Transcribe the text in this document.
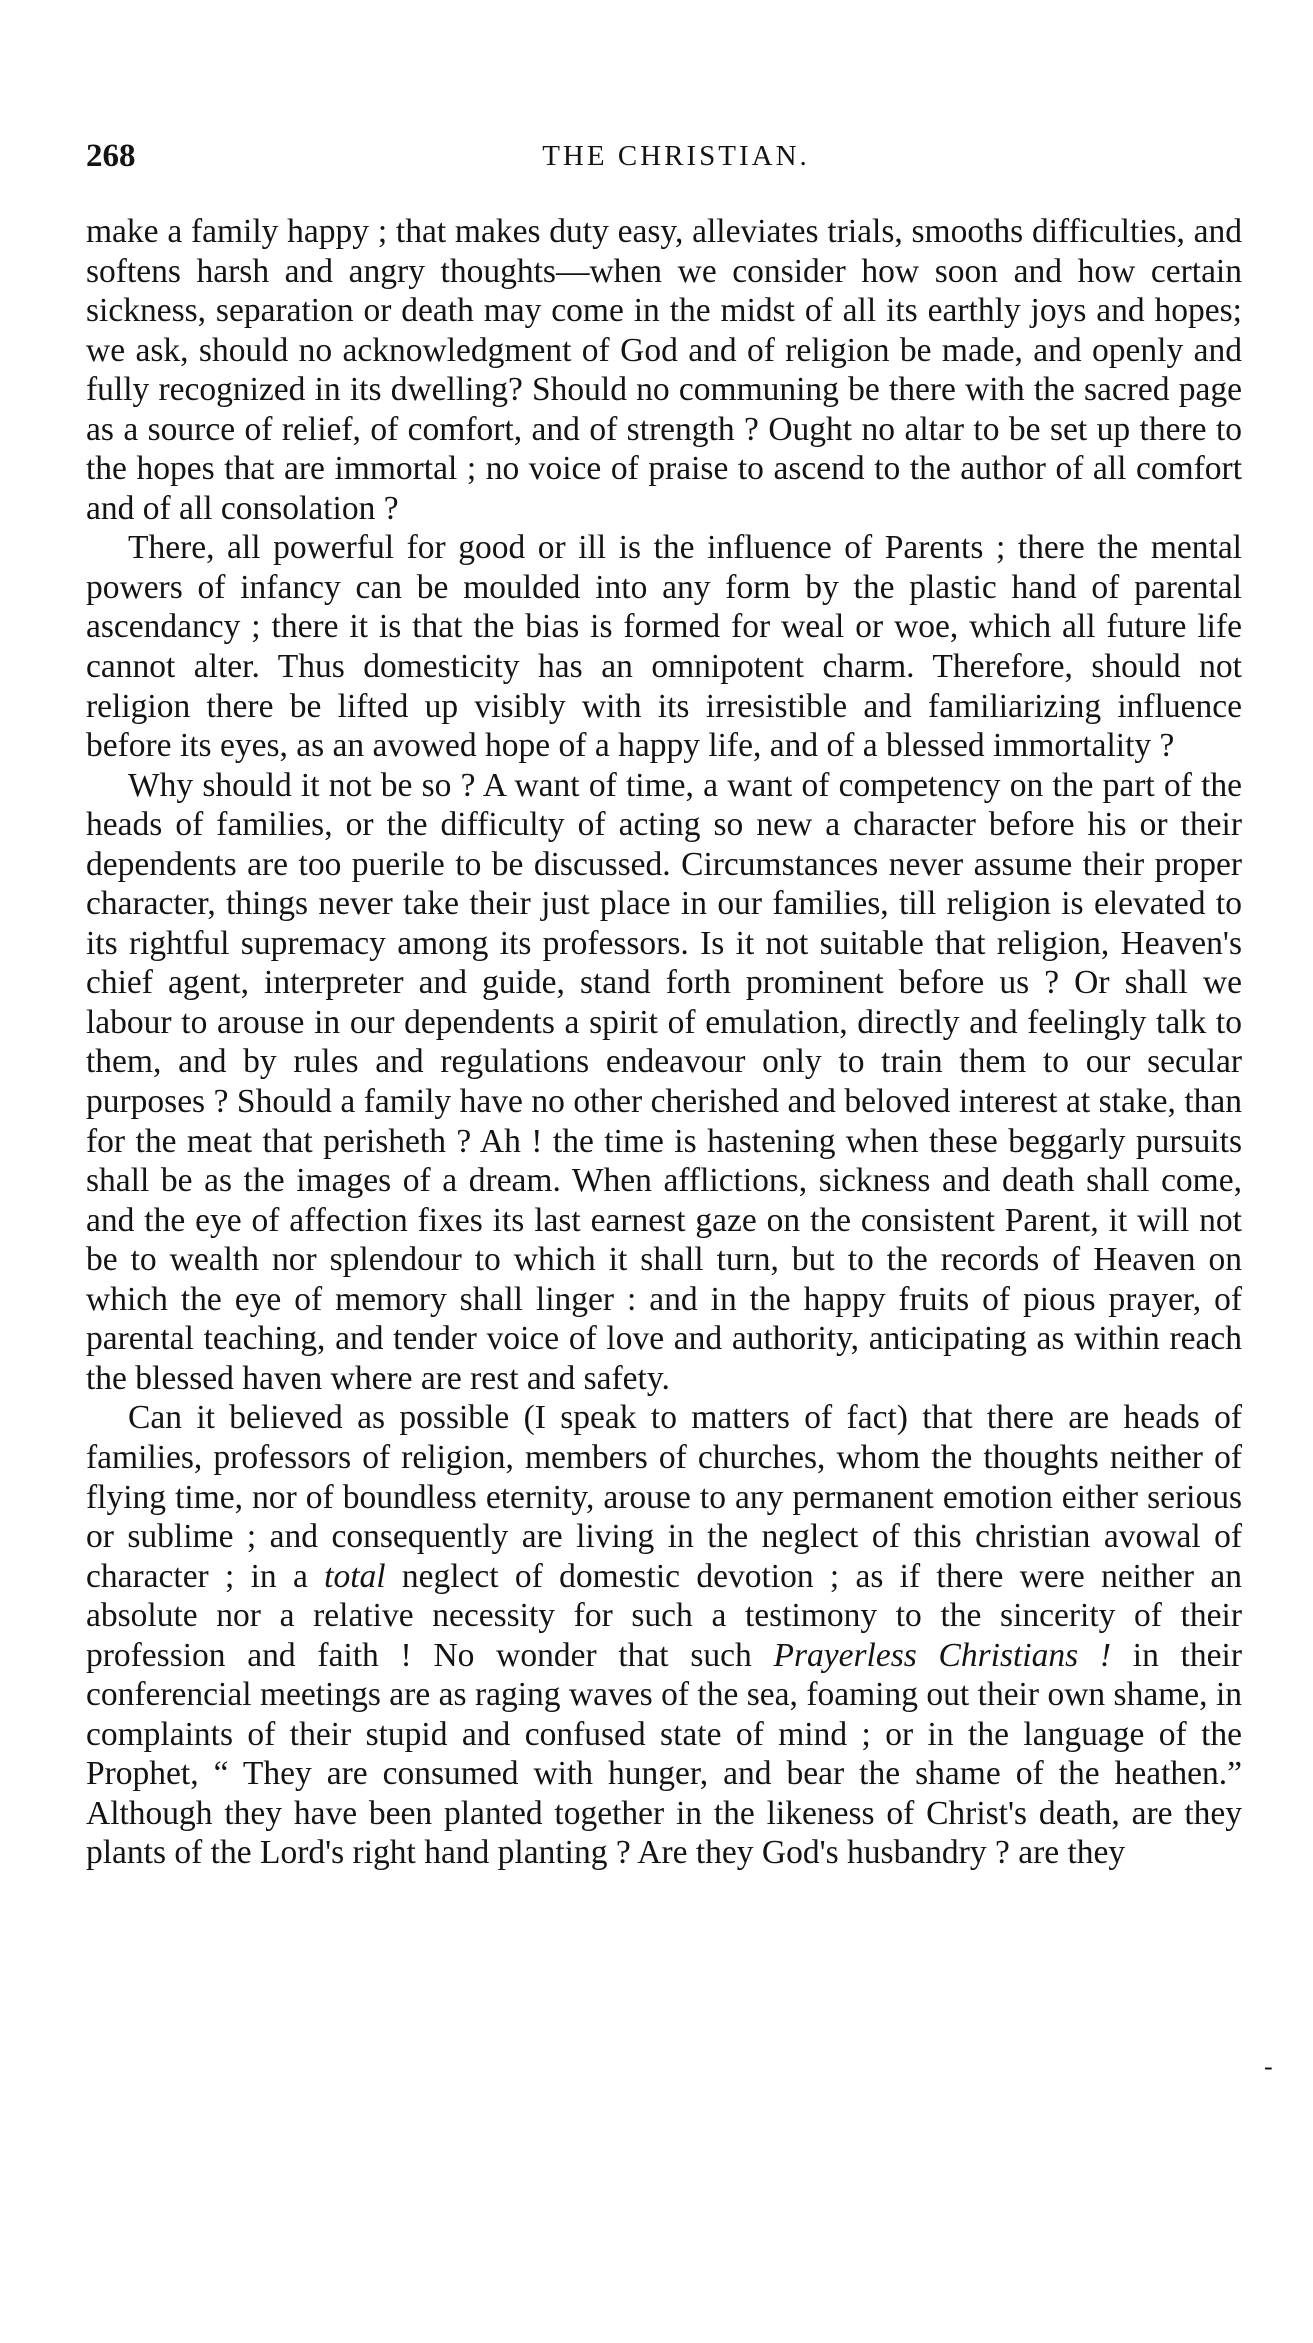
268	THE CHRISTIAN.

make a family happy ; that makes duty easy, alleviates trials, smooths difficulties, and softens harsh and angry thoughts—when we consider how soon and how certain sickness, separation or death may come in the midst of all its earthly joys and hopes; we ask, should no acknowledgment of God and of religion be made, and openly and fully recognized in its dwelling? Should no communing be there with the sacred page as a source of relief, of comfort, and of strength ? Ought no altar to be set up there to the hopes that are immortal ; no voice of praise to ascend to the author of all comfort and of all consolation ?

There, all powerful for good or ill is the influence of Parents ; there the mental powers of infancy can be moulded into any form by the plastic hand of parental ascendancy ; there it is that the bias is formed for weal or woe, which all future life cannot alter. Thus domesticity has an omnipotent charm. Therefore, should not religion there be lifted up visibly with its irresistible and familiarizing influence before its eyes, as an avowed hope of a happy life, and of a blessed immortality ?

Why should it not be so ? A want of time, a want of competency on the part of the heads of families, or the difficulty of acting so new a character before his or their dependents are too puerile to be discussed. Circumstances never assume their proper character, things never take their just place in our families, till religion is elevated to its rightful supremacy among its professors. Is it not suitable that religion, Heaven's chief agent, interpreter and guide, stand forth prominent before us ? Or shall we labour to arouse in our dependents a spirit of emulation, directly and feelingly talk to them, and by rules and regulations endeavour only to train them to our secular purposes ? Should a family have no other cherished and beloved interest at stake, than for the meat that perisheth ? Ah ! the time is hastening when these beggarly pursuits shall be as the images of a dream. When afflictions, sickness and death shall come, and the eye of affection fixes its last earnest gaze on the consistent Parent, it will not be to wealth nor splendour to which it shall turn, but to the records of Heaven on which the eye of memory shall linger : and in the happy fruits of pious prayer, of parental teaching, and tender voice of love and authority, anticipating as within reach the blessed haven where are rest and safety.

Can it believed as possible (I speak to matters of fact) that there are heads of families, professors of religion, members of churches, whom the thoughts neither of flying time, nor of boundless eternity, arouse to any permanent emotion either serious or sublime ; and consequently are living in the neglect of this christian avowal of character ; in a total neglect of domestic devotion ; as if there were neither an absolute nor a relative necessity for such a testimony to the sincerity of their profession and faith ! No wonder that such Prayerless Christians ! in their conferencial meetings are as raging waves of the sea, foaming out their own shame, in complaints of their stupid and confused state of mind ; or in the language of the Prophet, “ They are consumed with hunger, and bear the shame of the heathen.” Although they have been planted together in the likeness of Christ's death, are they plants of the Lord's right hand planting ? Are they God's husbandry ? are they

-
